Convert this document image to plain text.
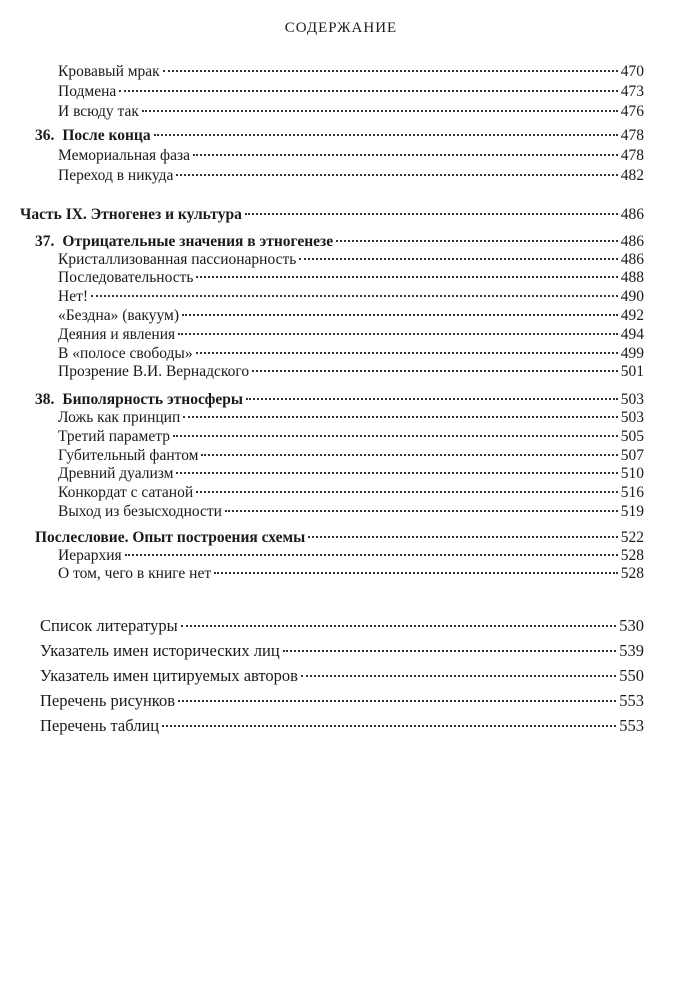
СОДЕРЖАНИЕ
Кровавый мрак	470
Подмена	473
И всюду так	476
36. После конца	478
Мемориальная фаза	478
Переход в никуда	482
Часть IX. Этногенез и культура	486
37. Отрицательные значения в этногенезе	486
Кристаллизованная пассионарность	486
Последовательность	488
Нет!	490
«Бездна» (вакуум)	492
Деяния и явления	494
В «полосе свободы»	499
Прозрение В.И. Вернадского	501
38. Биполярность этносферы	503
Ложь как принцип	503
Третий параметр	505
Губительный фантом	507
Древний дуализм	510
Конкордат с сатаной	516
Выход из безысходности	519
Послесловие. Опыт построения схемы	522
Иерархия	528
О том, чего в книге нет	528
Список литературы	530
Указатель имен исторических лиц	539
Указатель имен цитируемых авторов	550
Перечень рисунков	553
Перечень таблиц	553
